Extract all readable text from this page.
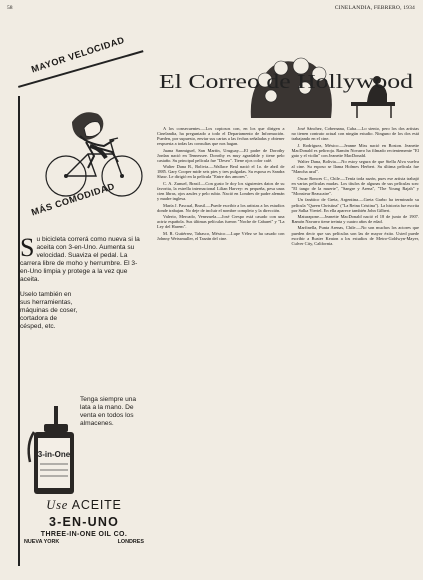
58	CINELANDIA, FEBRERO, 1934
MAYOR VELOCIDAD
MÁS COMODIDAD

Su bicicleta correrá como nueva si la aceita con 3-en-Uno. Aumenta su velocidad. Suaviza el pedal. La carrera libre de moho y herrumbre. El 3-en-Uno limpia y protege a la vez que aceita.

Uselo también en sus herramientas, máquinas de coser, cortadora de césped, etc.

3-in-One
Tenga siempre una lata a la mano. De venta en todos los almacenes.
Use ACEITE
3-EN-UNO
THREE-IN-ONE OIL CO.
NUEVA YORK	LONDRES
El Correo de Hollywood

A los consecuentes.—Los copiosos con, en los que dirigen a Cinelandia, ha preguntado a todo el Departamento de Información. Pueden, por supuesto, enviar sus cartas a las fechas señaladas y obtener respuesta a todas las consultas que nos hagan.

Juana Sanmiguel, San Martín, Uruguay.—El padre de Dorothy Jordan nació en Tennessee. Dorothy es muy agradable y tiene pelo castaño. Su principal película fue "Deseo". Tiene ojos color café.

Walter Dana B., Bolivia.—Wallace Beal nació el 1o. de abril de 1885. Gary Cooper mide seis pies y tres pulgadas. Su esposa es Sandra Shaw. Le dirigió en la película "Entre dos amores".

C. A. Zunuel, Brasil.—Con gusto le doy los siguientes datos de su favorita, la estrella internacional Lilian Harvey: es pequeña, pesa unas cien libras, ojos azules y pelo rubio. Nació en Londres de padre alemán y madre inglesa.

María J. Pascual, Brasil.—Puede escribir a los artistas a los estudios donde trabajan. No deje de incluir el nombre completo y la dirección.

Valerio, Mercado, Venezuela.—José Crespo está casado con una actriz española. Sus últimas películas fueron "Noche de Cabaret" y "La Ley del Harem".

M. R. Gutiérrez, Tabasco, México.—Lupe Vélez se ha casado con Johnny Weissmuller, el Tarzán del cine.

José Sánchez, Cobernana, Cuba.—Lo siento, pero los dos artistas no tienen contrato actual con ningún estudio. Ninguno de los dos está trabajando en el cine.

J. Rodríguez, México.—Jeanne Miss nació en Boston. Jeanette MacDonald es pelirroja. Ramón Novarro ha filmado recientemente "El gato y el violín" con Jeanette MacDonald.

Walter Dana, Bolivia.—No estoy segura de que Stella Alva vuelva al cine. Su esposo se llama Holmes Herbert. Su última película fue "Mancha azul".

Oscar Ronces C., Chile.—Tenía toda razón, pues ese artista trabajó en varias películas mudas. Los títulos de algunas de sus películas son: "El tango de la muerte", "Sangre y Arena", "The Young Rajah" y "Monsieur Beaucaire".

Un fanático de Greta, Argentina.—Greta Garbo ha terminado su película "Queen Christina" ("La Reina Cristina"). La historia fue escrita por Salka Viertel. En ella aparece también John Gilbert.

Maturapone.—Jeanette MacDonald nació el 18 de junio de 1907. Ramón Navarro tiene treinta y cuatro años de edad.

Marfinella, Punta Arenas, Chile.—No son muchos los actores que pueden decir que sus películas son las de mayor éxito. Usted puede escribir a Buster Keaton a los estudios de Metro-Goldwyn-Mayer, Culver City, California.
